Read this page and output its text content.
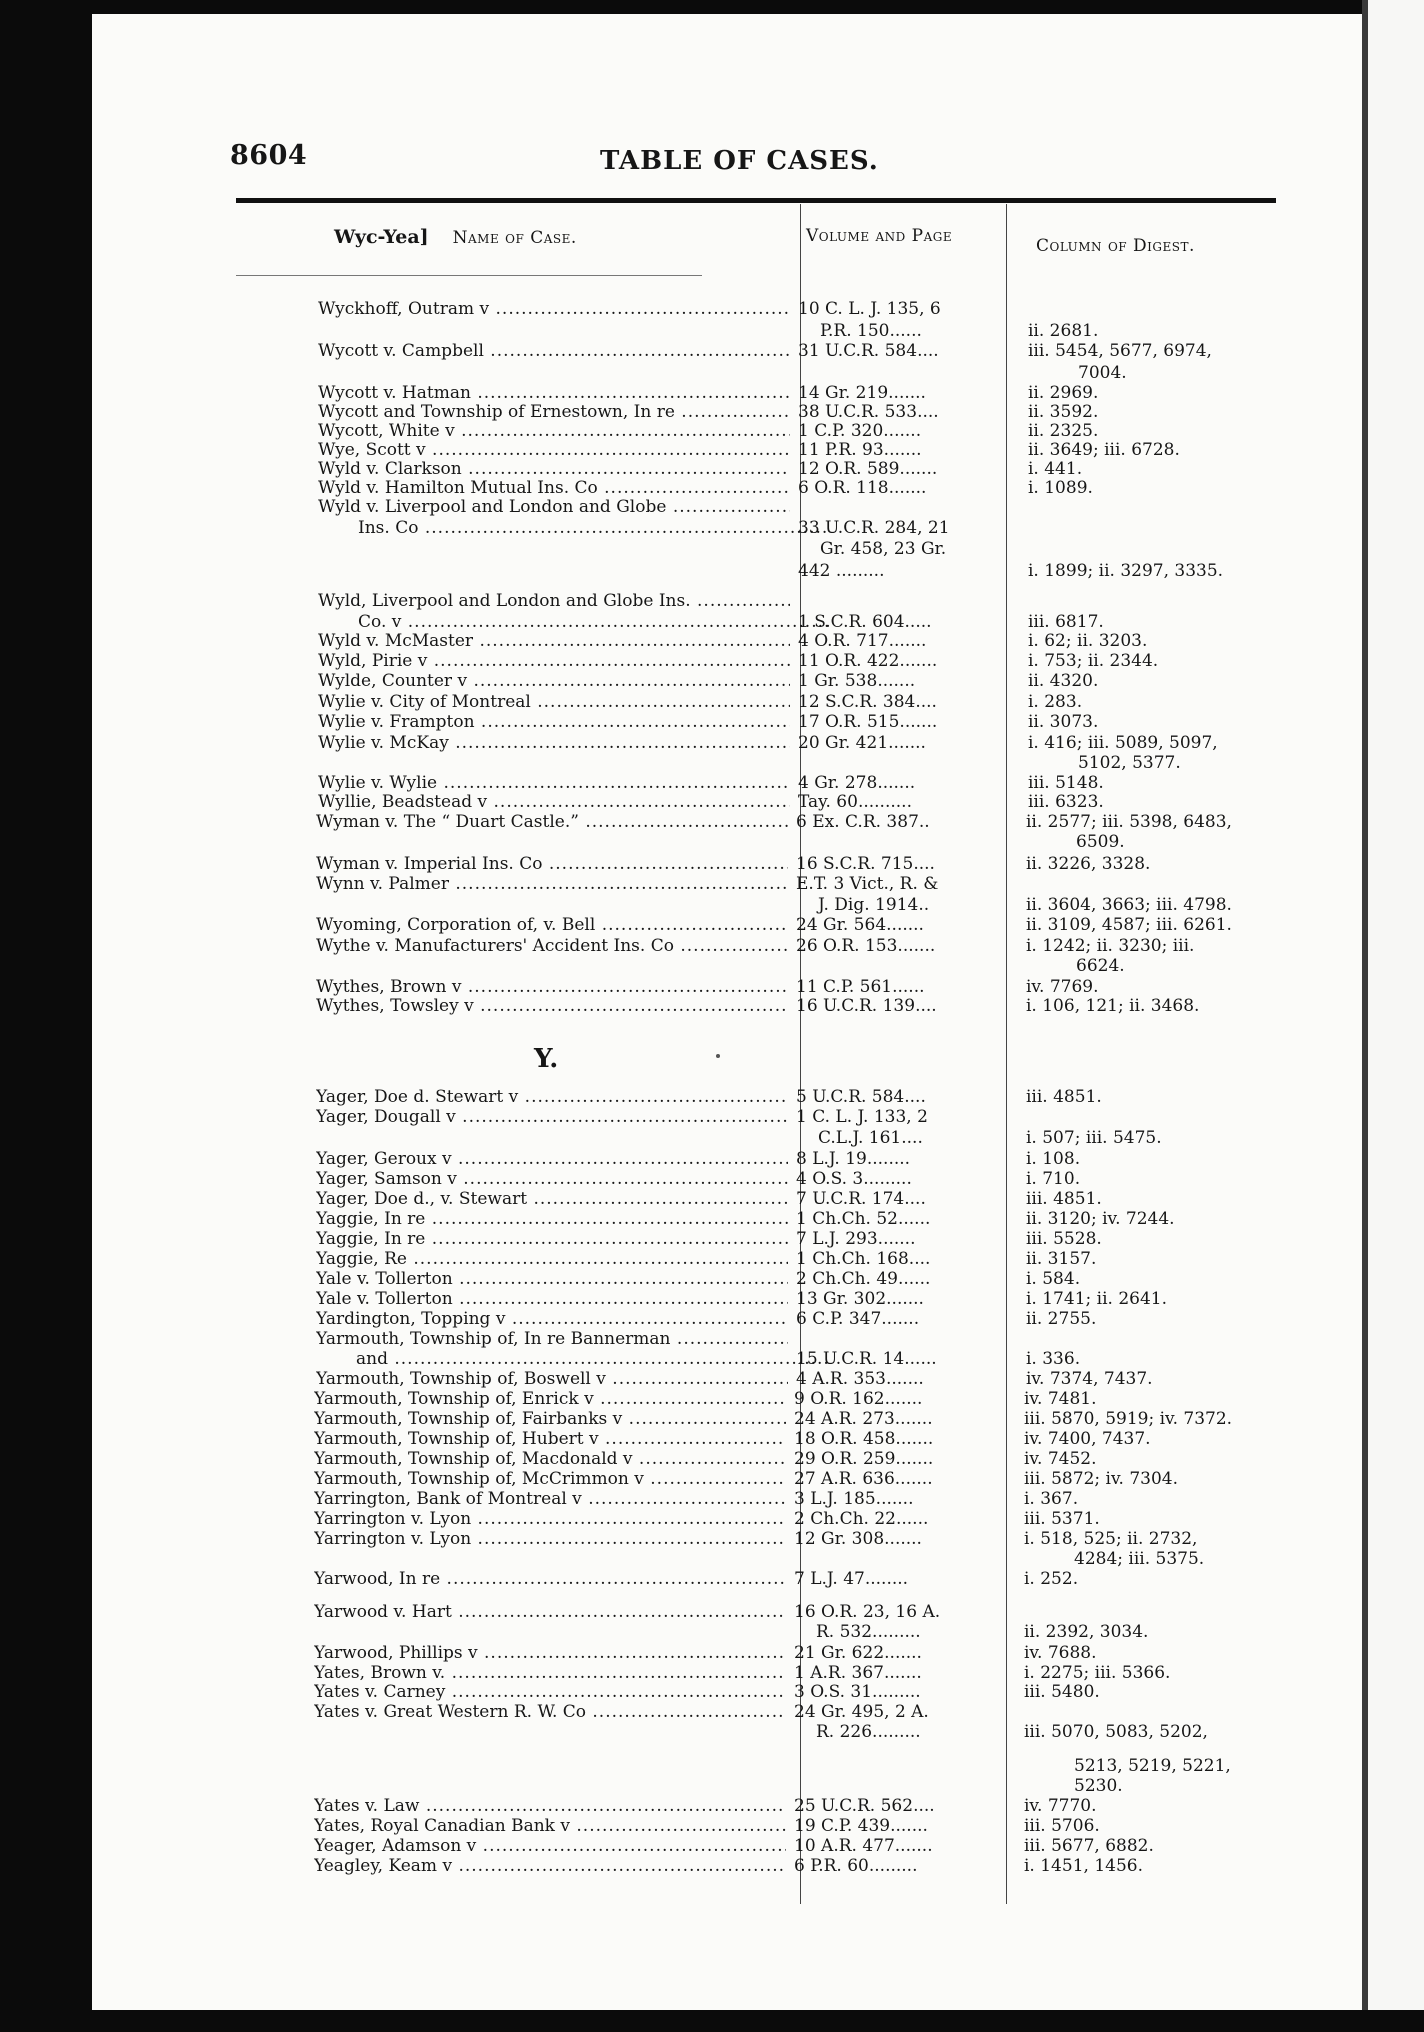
8604	TABLE OF CASES.
Wyc-Yea] Name of Case.	Volume and Page	Column of Digest.
Y.
Wyckhoff, Outram v .....	10 C. L. J. 135, 6
P.R. 150......	ii. 2681.
Wycott v. Campbell .....	31 U.C.R. 584....	iii. 5454, 5677, 6974,
7004.
Wycott v. Hatman .....	14 Gr. 219.......	ii. 2969.
Wycott and Township of Ernestown, In re .....	38 U.C.R. 533....	ii. 3592.
Wycott, White v .....	1 C.P. 320.......	ii. 2325.
Wye, Scott v .....	11 P.R. 93.......	ii. 3649; iii. 6728.
Wyld v. Clarkson .....	12 O.R. 589.......	i. 441.
Wyld v. Hamilton Mutual Ins. Co .....	6 O.R. 118.......	i. 1089.
Wyld v. Liverpool and London and Globe .....
Ins. Co .....	33 U.C.R. 284, 21
Gr. 458, 23 Gr.
442 .........	i. 1899; ii. 3297, 3335.
Wyld, Liverpool and London and Globe Ins. .....
Co. v .....	1 S.C.R. 604.....	iii. 6817.
Wyld v. McMaster .....	4 O.R. 717.......	i. 62; ii. 3203.
Wyld, Pirie v .....	11 O.R. 422.......	i. 753; ii. 2344.
Wylde, Counter v .....	1 Gr. 538.......	ii. 4320.
Wylie v. City of Montreal .....	12 S.C.R. 384....	i. 283.
Wylie v. Frampton .....	17 O.R. 515.......	ii. 3073.
Wylie v. McKay .....	20 Gr. 421.......	i. 416; iii. 5089, 5097,
5102, 5377.
Wylie v. Wylie .....	4 Gr. 278.......	iii. 5148.
Wyllie, Beadstead v .....	Tay. 60..........	iii. 6323.
Wyman v. The “ Duart Castle.” .....	6 Ex. C.R. 387..	ii. 2577; iii. 5398, 6483,
6509.
Wyman v. Imperial Ins. Co .....	16 S.C.R. 715....	ii. 3226, 3328.
Wynn v. Palmer .....	E.T. 3 Vict., R. &
J. Dig. 1914..	ii. 3604, 3663; iii. 4798.
Wyoming, Corporation of, v. Bell .....	24 Gr. 564.......	ii. 3109, 4587; iii. 6261.
Wythe v. Manufacturers' Accident Ins. Co .....	26 O.R. 153.......	i. 1242; ii. 3230; iii.
6624.
Wythes, Brown v .....	11 C.P. 561......	iv. 7769.
Wythes, Towsley v .....	16 U.C.R. 139....	i. 106, 121; ii. 3468.
Yager, Doe d. Stewart v .....	5 U.C.R. 584....	iii. 4851.
Yager, Dougall v .....	1 C. L. J. 133, 2
C.L.J. 161....	i. 507; iii. 5475.
Yager, Geroux v .....	8 L.J. 19........	i. 108.
Yager, Samson v .....	4 O.S. 3.........	i. 710.
Yager, Doe d., v. Stewart .....	7 U.C.R. 174....	iii. 4851.
Yaggie, In re .....	1 Ch.Ch. 52......	ii. 3120; iv. 7244.
Yaggie, In re .....	7 L.J. 293.......	iii. 5528.
Yaggie, Re .....	1 Ch.Ch. 168....	ii. 3157.
Yale v. Tollerton .....	2 Ch.Ch. 49......	i. 584.
Yale v. Tollerton .....	13 Gr. 302.......	i. 1741; ii. 2641.
Yardington, Topping v .....	6 C.P. 347.......	ii. 2755.
Yarmouth, Township of, In re Bannerman .....
and .....	15 U.C.R. 14......	i. 336.
Yarmouth, Township of, Boswell v .....	4 A.R. 353.......	iv. 7374, 7437.
Yarmouth, Township of, Enrick v .....	9 O.R. 162.......	iv. 7481.
Yarmouth, Township of, Fairbanks v .....	24 A.R. 273.......	iii. 5870, 5919; iv. 7372.
Yarmouth, Township of, Hubert v .....	18 O.R. 458.......	iv. 7400, 7437.
Yarmouth, Township of, Macdonald v .....	29 O.R. 259.......	iv. 7452.
Yarmouth, Township of, McCrimmon v .....	27 A.R. 636.......	iii. 5872; iv. 7304.
Yarrington, Bank of Montreal v .....	3 L.J. 185.......	i. 367.
Yarrington v. Lyon .....	2 Ch.Ch. 22......	iii. 5371.
Yarrington v. Lyon .....	12 Gr. 308.......	i. 518, 525; ii. 2732,
4284; iii. 5375.
Yarwood, In re .....	7 L.J. 47........	i. 252.
Yarwood v. Hart .....	16 O.R. 23, 16 A.
R. 532.........	ii. 2392, 3034.
Yarwood, Phillips v .....	21 Gr. 622.......	iv. 7688.
Yates, Brown v. .....	1 A.R. 367.......	i. 2275; iii. 5366.
Yates v. Carney .....	3 O.S. 31.........	iii. 5480.
Yates v. Great Western R. W. Co .....	24 Gr. 495, 2 A.
R. 226.........	iii. 5070, 5083, 5202,
5213, 5219, 5221,
5230.
Yates v. Law .....	25 U.C.R. 562....	iv. 7770.
Yates, Royal Canadian Bank v .....	19 C.P. 439.......	iii. 5706.
Yeager, Adamson v .....	10 A.R. 477.......	iii. 5677, 6882.
Yeagley, Keam v .....	6 P.R. 60.........	i. 1451, 1456.
